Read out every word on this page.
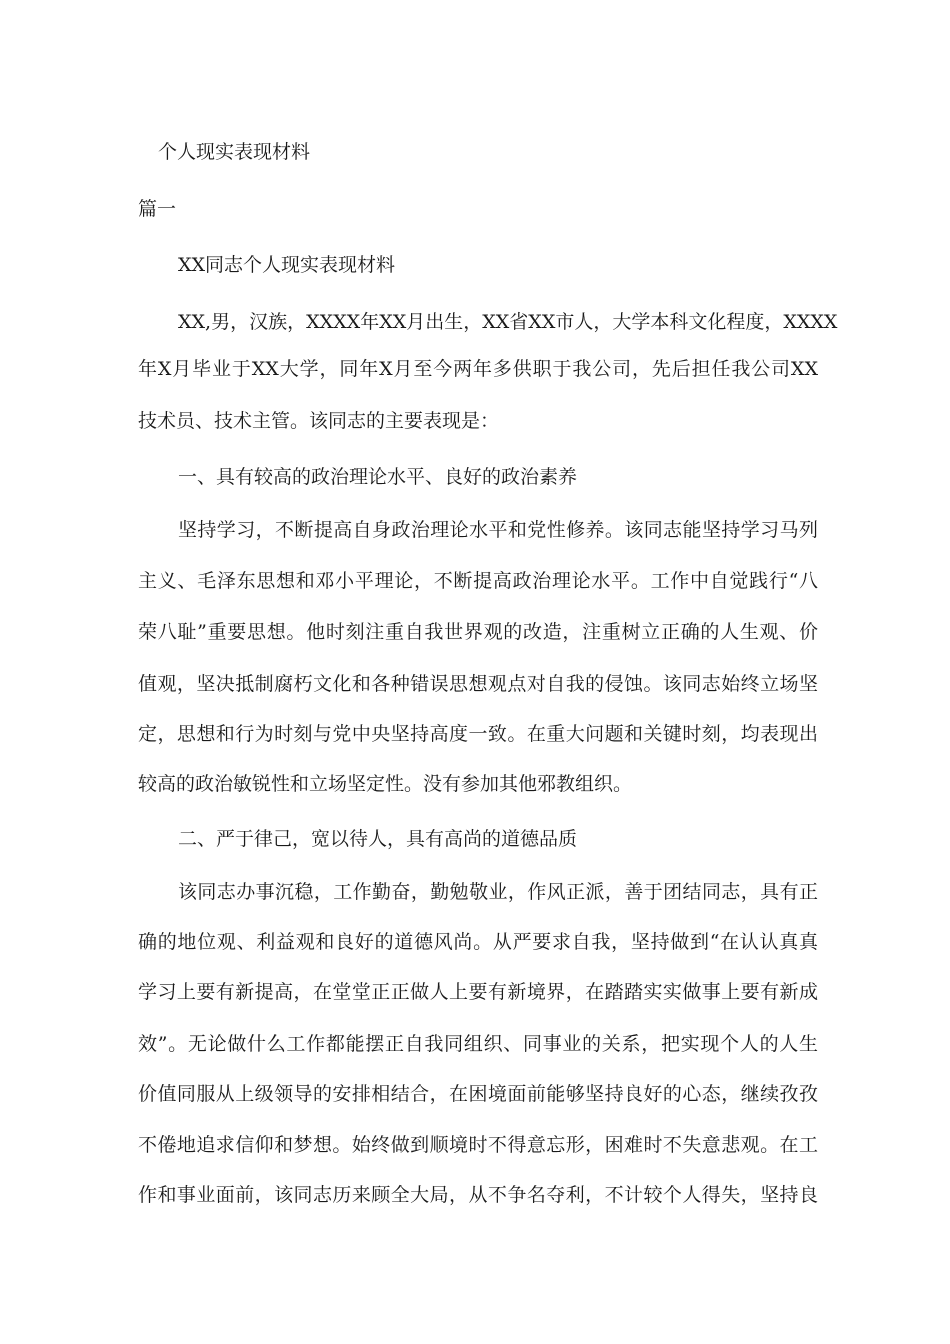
个人现实表现材料
篇一
XX同志个人现实表现材料
XX,男，汉族，XXXX年XX月出生，XX省XX市人，大学本科文化程度，XXXX
年X月毕业于XX大学，同年X月至今两年多供职于我公司，先后担任我公司XX
技术员、技术主管。该同志的主要表现是：
一、具有较高的政治理论水平、良好的政治素养
坚持学习，不断提高自身政治理论水平和党性修养。该同志能坚持学习马列
主义、毛泽东思想和邓小平理论，不断提高政治理论水平。工作中自觉践行“八
荣八耻”重要思想。他时刻注重自我世界观的改造，注重树立正确的人生观、价
值观，坚决抵制腐朽文化和各种错误思想观点对自我的侵蚀。该同志始终立场坚
定，思想和行为时刻与党中央坚持高度一致。在重大问题和关键时刻，均表现出
较高的政治敏锐性和立场坚定性。没有参加其他邪教组织。
二、严于律己，宽以待人，具有高尚的道德品质
该同志办事沉稳，工作勤奋，勤勉敬业，作风正派，善于团结同志，具有正
确的地位观、利益观和良好的道德风尚。从严要求自我，坚持做到“在认认真真
学习上要有新提高，在堂堂正正做人上要有新境界，在踏踏实实做事上要有新成
效”。无论做什么工作都能摆正自我同组织、同事业的关系，把实现个人的人生
价值同服从上级领导的安排相结合，在困境面前能够坚持良好的心态，继续孜孜
不倦地追求信仰和梦想。始终做到顺境时不得意忘形，困难时不失意悲观。在工
作和事业面前，该同志历来顾全大局，从不争名夺利，不计较个人得失，坚持良
